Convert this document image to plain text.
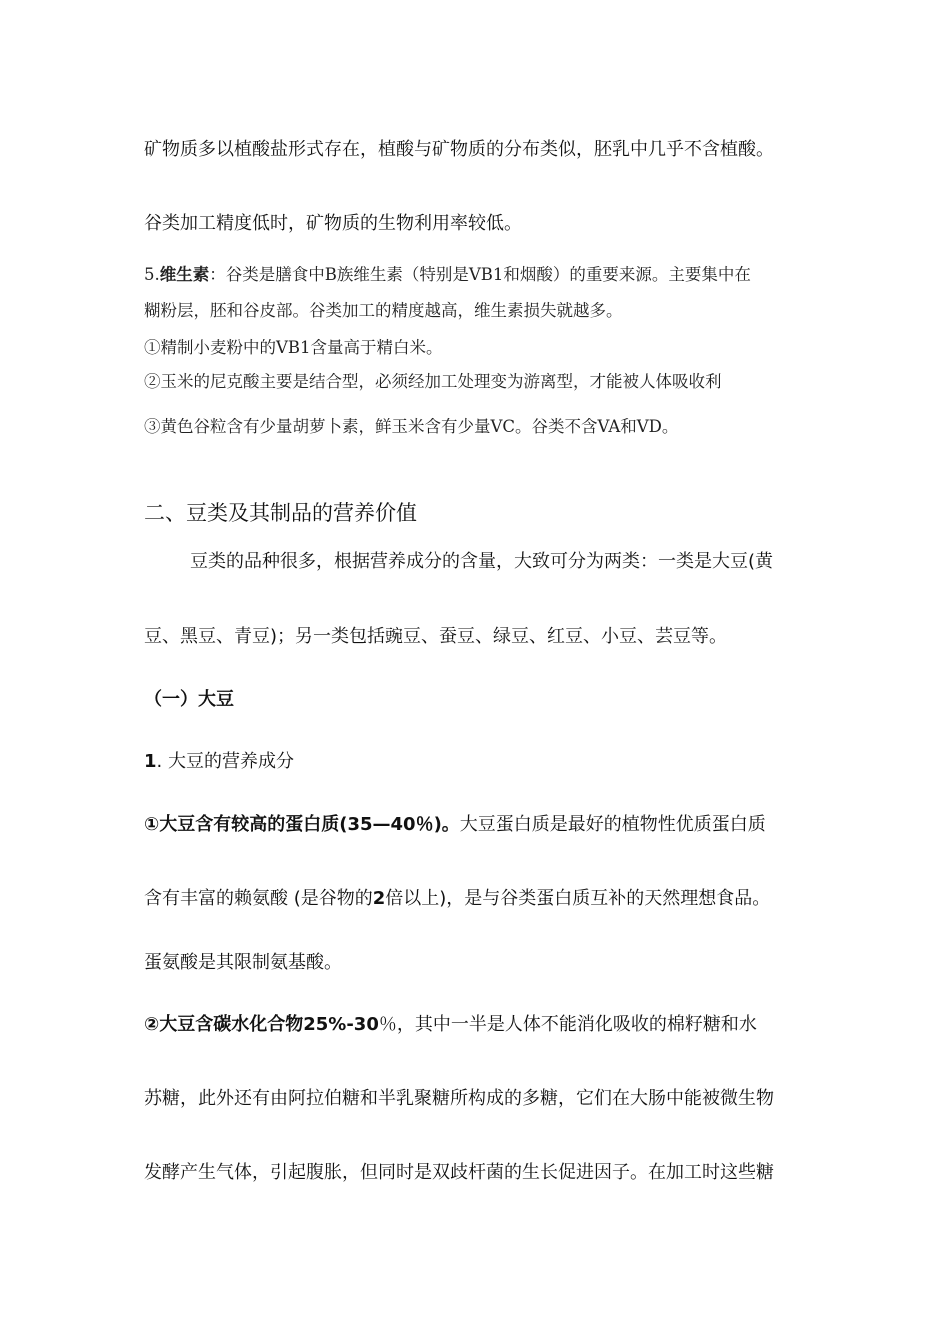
矿物质多以植酸盐形式存在，植酸与矿物质的分布类似，胚乳中几乎不含植酸。
谷类加工精度低时，矿物质的生物利用率较低。
5.维生素：谷类是膳食中B族维生素（特别是VB1和烟酸）的重要来源。主要集中在
糊粉层，胚和谷皮部。谷类加工的精度越高，维生素损失就越多。
①精制小麦粉中的VB1含量高于精白米。
②玉米的尼克酸主要是结合型，必须经加工处理变为游离型，才能被人体吸收利
③黄色谷粒含有少量胡萝卜素，鲜玉米含有少量VC。谷类不含VA和VD。
二、豆类及其制品的营养价值
豆类的品种很多，根据营养成分的含量，大致可分为两类：一类是大豆(黄
豆、黑豆、青豆)；另一类包括豌豆、蚕豆、绿豆、红豆、小豆、芸豆等。
（一）大豆
1. 大豆的营养成分
①大豆含有较高的蛋白质(35—40％)。大豆蛋白质是最好的植物性优质蛋白质
含有丰富的赖氨酸 (是谷物的2倍以上)，是与谷类蛋白质互补的天然理想食品。
蛋氨酸是其限制氨基酸。
②大豆含碳水化合物25%-30％，其中一半是人体不能消化吸收的棉籽糖和水
苏糖，此外还有由阿拉伯糖和半乳聚糖所构成的多糖，它们在大肠中能被微生物
发酵产生气体，引起腹胀，但同时是双歧杆菌的生长促进因子。在加工时这些糖
